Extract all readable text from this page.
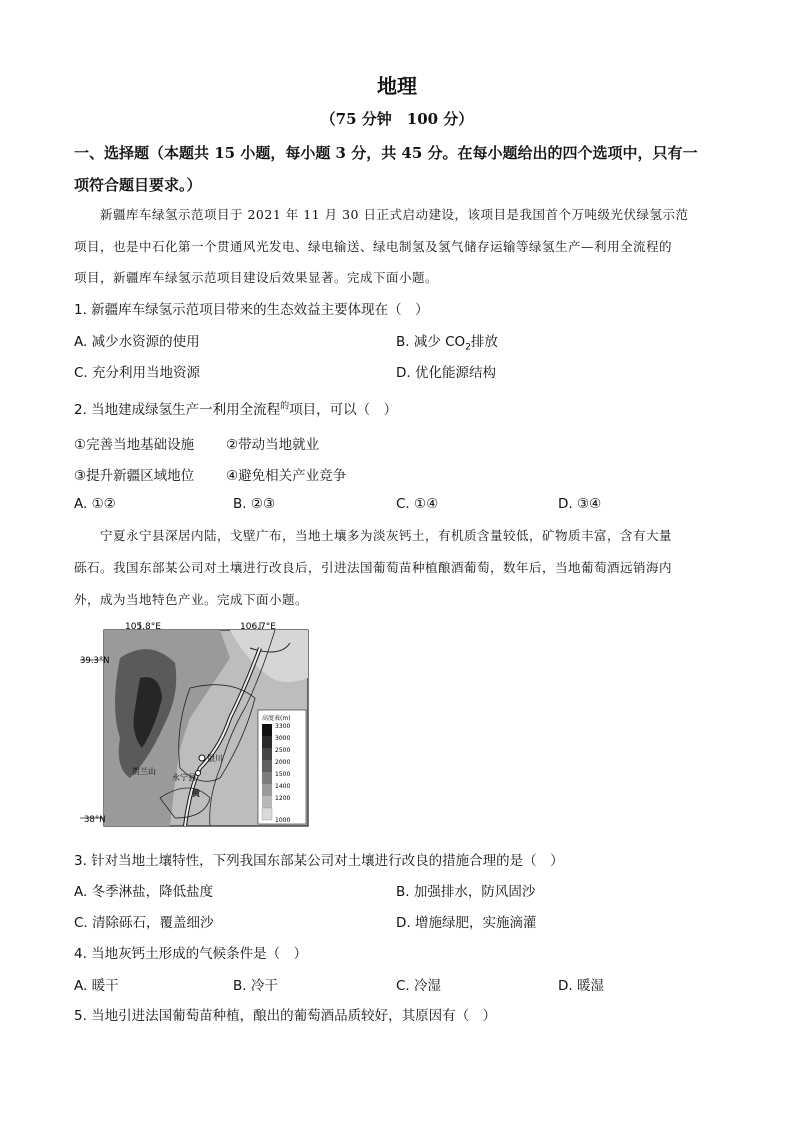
地理
（75 分钟　100 分）
一、选择题（本题共 15 小题，每小题 3 分，共 45 分。在每小题给出的四个选项中，只有一
项符合题目要求。）
新疆库车绿氢示范项目于 2021 年 11 月 30 日正式启动建设，该项目是我国首个万吨级光伏绿氢示范
项目，也是中石化第一个贯通风光发电、绿电输送、绿电制氢及氢气储存运输等绿氢生产—利用全流程的
项目，新疆库车绿氢示范项目建设后效果显著。完成下面小题。
1. 新疆库车绿氢示范项目带来的生态效益主要体现在（　）
A. 减少水资源的使用	B. 减少 $CO_2$排放
C. 充分利用当地资源	D. 优化能源结构
2. 当地建成绿氢生产一利用全流程$^的$项目，可以（　）
①完善当地基础设施 ②带动当地就业
③提升新疆区域地位 ④避免相关产业竞争
A. ①②	B. ②③	C. ①④	D. ③④
宁夏永宁县深居内陆，戈壁广布，当地土壤多为淡灰钙土，有机质含量较低，矿物质丰富，含有大量
砾石。我国东部某公司对土壤进行改良后，引进法国葡萄苗种植酿酒葡萄，数年后，当地葡萄酒远销海内
外，成为当地特色产业。完成下面小题。
105.8°E	106.7°E
39.3°N
38°N
银川
永宁县
贺兰山
黄
高度表(m)
3300
3000
2500
2000
1500
1400
1200
1000
3. 针对当地土壤特性，下列我国东部某公司对土壤进行改良的措施合理的是（　）
A. 冬季淋盐，降低盐度	B. 加强排水，防风固沙
C. 清除砾石，覆盖细沙	D. 增施绿肥，实施滴灌
4. 当地灰钙土形成的气候条件是（　）
A. 暖干	B. 冷干	C. 冷湿	D. 暖湿
5. 当地引进法国葡萄苗种植，酿出的葡萄酒品质较好，其原因有（　）
